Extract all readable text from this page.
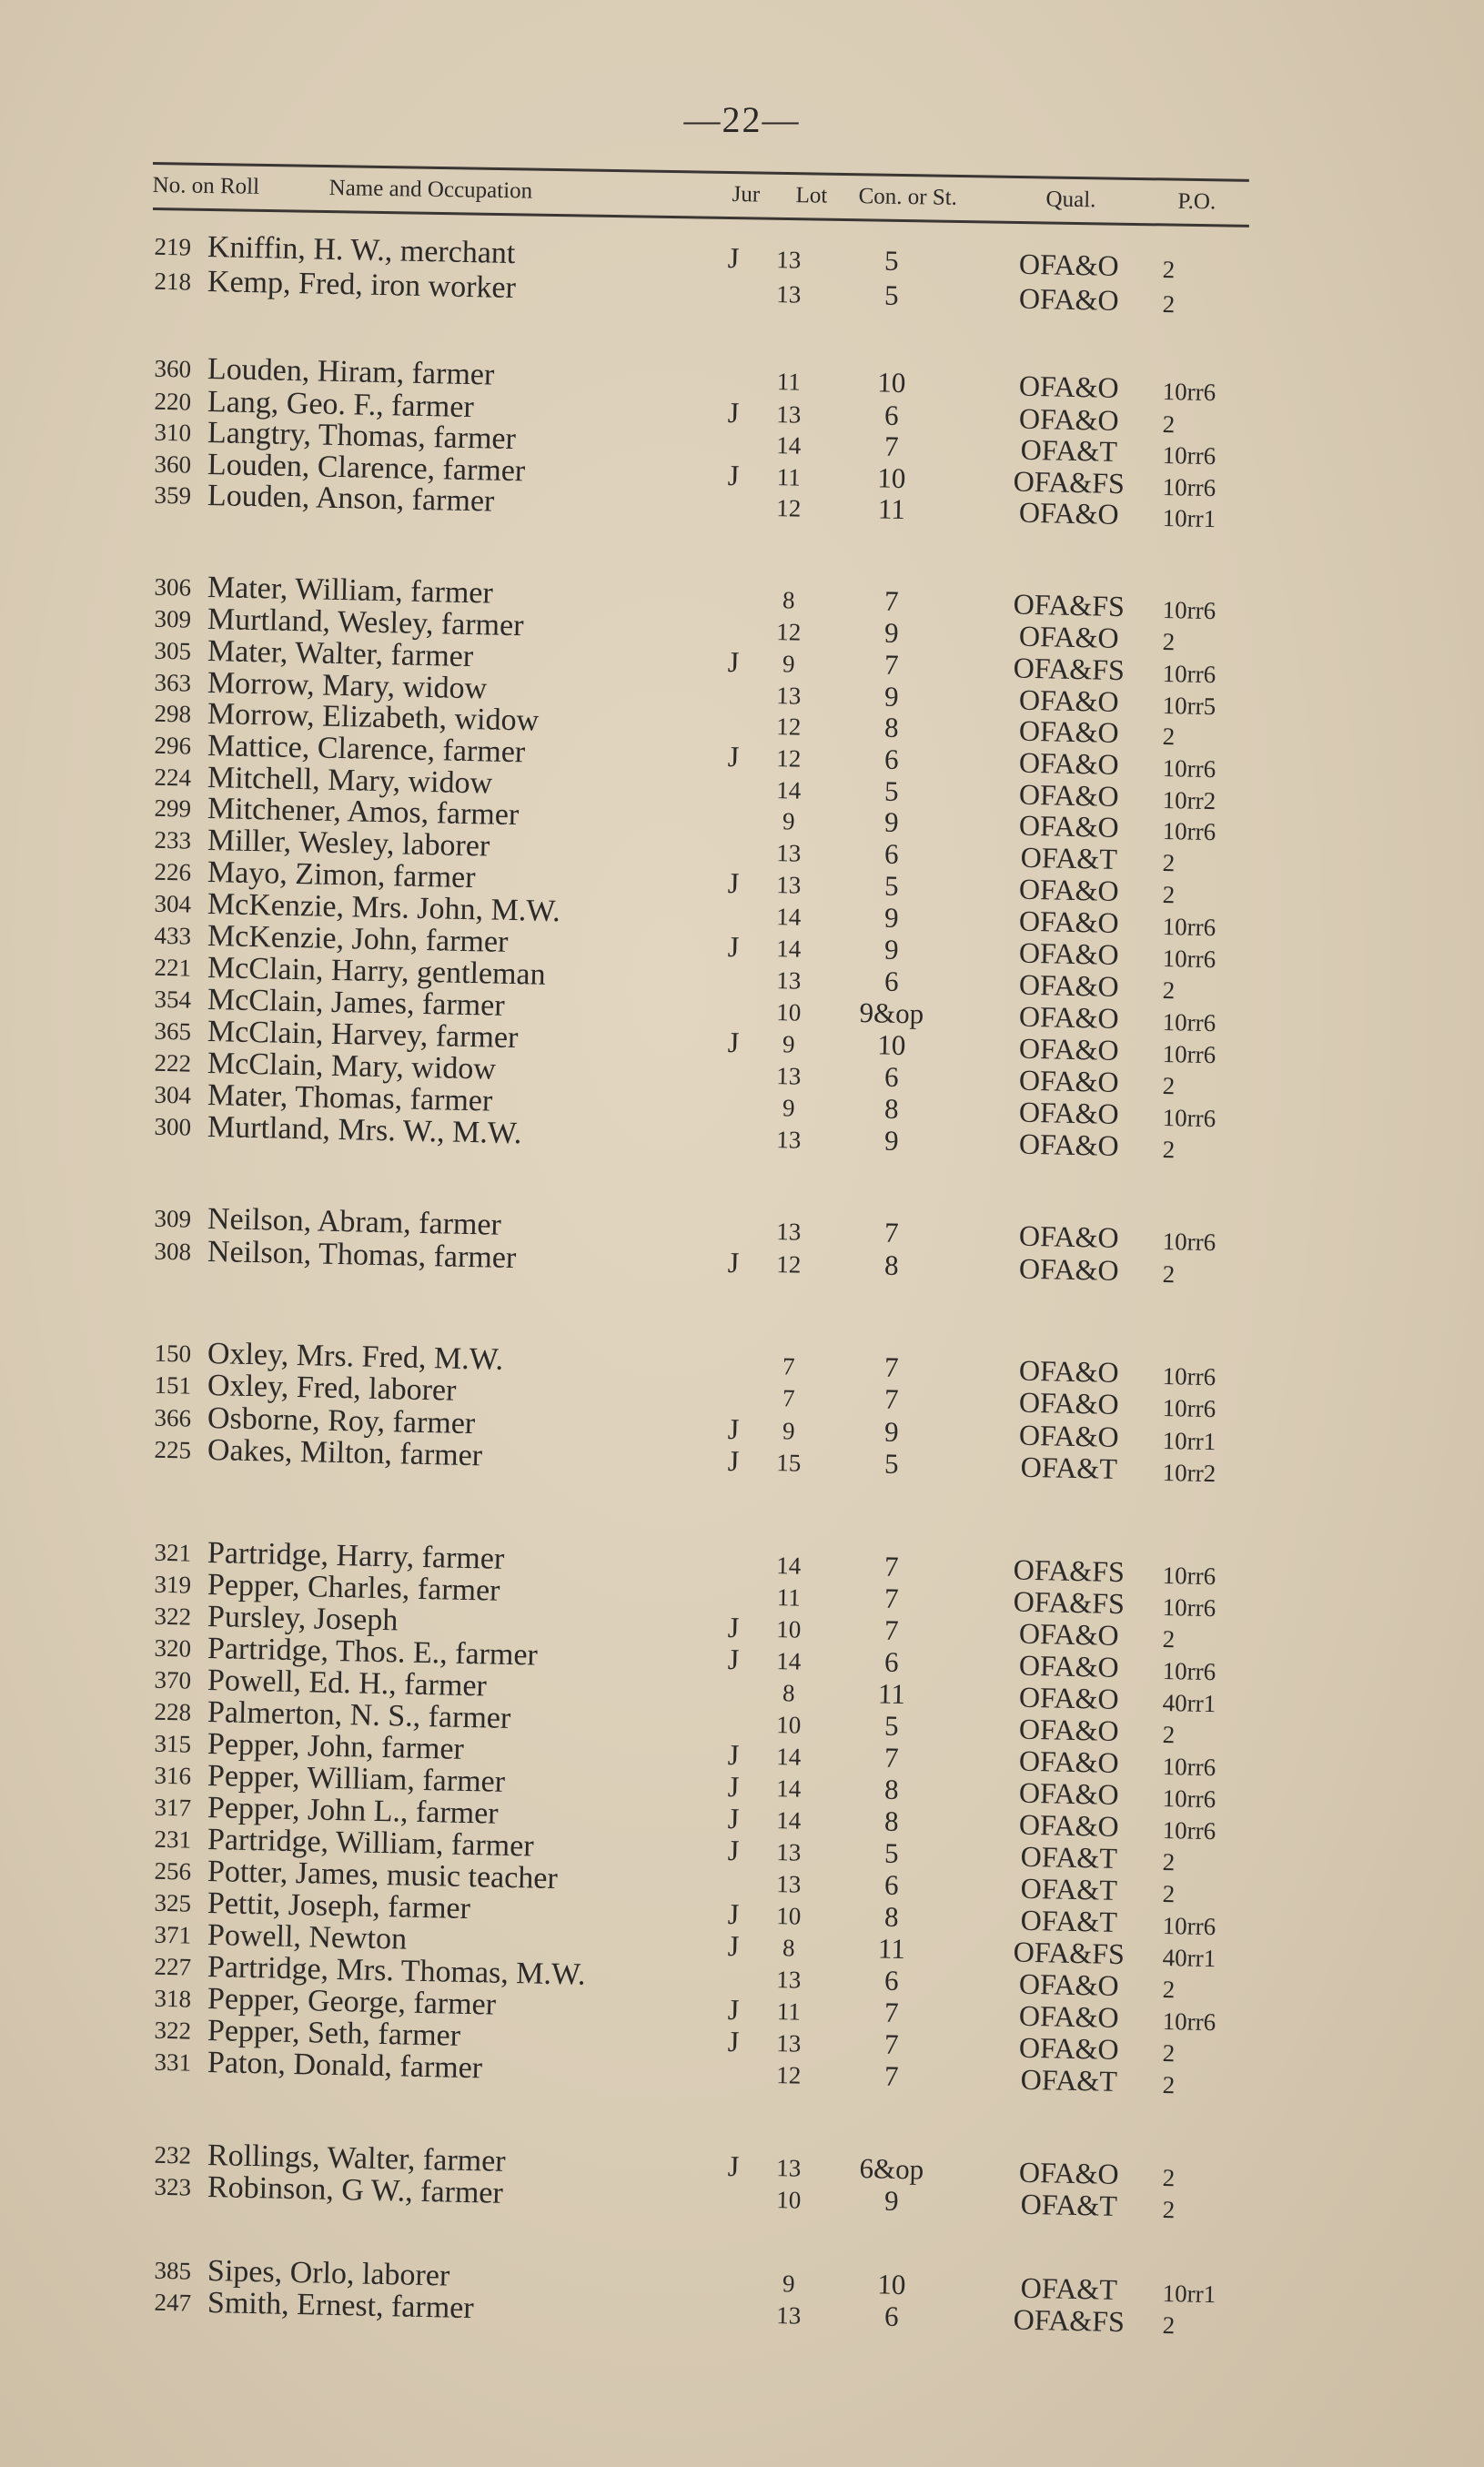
—22—
No. on Roll	Name and Occupation	Jur Lot Con. or St.	Qual.	P.O.
219 Kniffin, H. W., merchant	J	13	5	OFA&O	2
218 Kemp, Fred, iron worker	13	5	OFA&O	2
360 Louden, Hiram, farmer	11	10	OFA&O	10rr6
220 Lang, Geo. F., farmer	J	13	6	OFA&O	2
310 Langtry, Thomas, farmer	14	7	OFA&T	10rr6
360 Louden, Clarence, farmer	J	11	10	OFA&FS	10rr6
359 Louden, Anson, farmer	12	11	OFA&O	10rr1
306 Mater, William, farmer	8	7	OFA&FS	10rr6
309 Murtland, Wesley, farmer	12	9	OFA&O	2
305 Mater, Walter, farmer	J	9	7	OFA&FS	10rr6
363 Morrow, Mary, widow	13	9	OFA&O	10rr5
298 Morrow, Elizabeth, widow	12	8	OFA&O	2
296 Mattice, Clarence, farmer	J	12	6	OFA&O	10rr6
224 Mitchell, Mary, widow	14	5	OFA&O	10rr2
299 Mitchener, Amos, farmer	9	9	OFA&O	10rr6
233 Miller, Wesley, laborer	13	6	OFA&T	2
226 Mayo, Zimon, farmer	J	13	5	OFA&O	2
304 McKenzie, Mrs. John, M.W.	14	9	OFA&O	10rr6
433 McKenzie, John, farmer	J	14	9	OFA&O	10rr6
221 McClain, Harry, gentleman	13	6	OFA&O	2
354 McClain, James, farmer	10	9&op	OFA&O	10rr6
365 McClain, Harvey, farmer	J	9	10	OFA&O	10rr6
222 McClain, Mary, widow	13	6	OFA&O	2
304 Mater, Thomas, farmer	9	8	OFA&O	10rr6
300 Murtland, Mrs. W., M.W.	13	9	OFA&O	2
309 Neilson, Abram, farmer	13	7	OFA&O	10rr6
308 Neilson, Thomas, farmer	J	12	8	OFA&O	2
150 Oxley, Mrs. Fred, M.W.	7	7	OFA&O	10rr6
151 Oxley, Fred, laborer	7	7	OFA&O	10rr6
366 Osborne, Roy, farmer	J	9	9	OFA&O	10rr1
225 Oakes, Milton, farmer	J	15	5	OFA&T	10rr2
321 Partridge, Harry, farmer	14	7	OFA&FS	10rr6
319 Pepper, Charles, farmer	11	7	OFA&FS	10rr6
322 Pursley, Joseph	J	10	7	OFA&O	2
320 Partridge, Thos. E., farmer	J	14	6	OFA&O	10rr6
370 Powell, Ed. H., farmer	8	11	OFA&O	40rr1
228 Palmerton, N. S., farmer	10	5	OFA&O	2
315 Pepper, John, farmer	J	14	7	OFA&O	10rr6
316 Pepper, William, farmer	J	14	8	OFA&O	10rr6
317 Pepper, John L., farmer	J	14	8	OFA&O	10rr6
231 Partridge, William, farmer	J	13	5	OFA&T	2
256 Potter, James, music teacher	13	6	OFA&T	2
325 Pettit, Joseph, farmer	J	10	8	OFA&T	10rr6
371 Powell, Newton	J	8	11	OFA&FS	40rr1
227 Partridge, Mrs. Thomas, M.W.	13	6	OFA&O	2
318 Pepper, George, farmer	J	11	7	OFA&O	10rr6
322 Pepper, Seth, farmer	J	13	7	OFA&O	2
331 Paton, Donald, farmer	12	7	OFA&T	2
232 Rollings, Walter, farmer	J	13	6&op	OFA&O	2
323 Robinson, G W., farmer	10	9	OFA&T	2
385 Sipes, Orlo, laborer	9	10	OFA&T	10rr1
247 Smith, Ernest, farmer	13	6	OFA&FS	2
